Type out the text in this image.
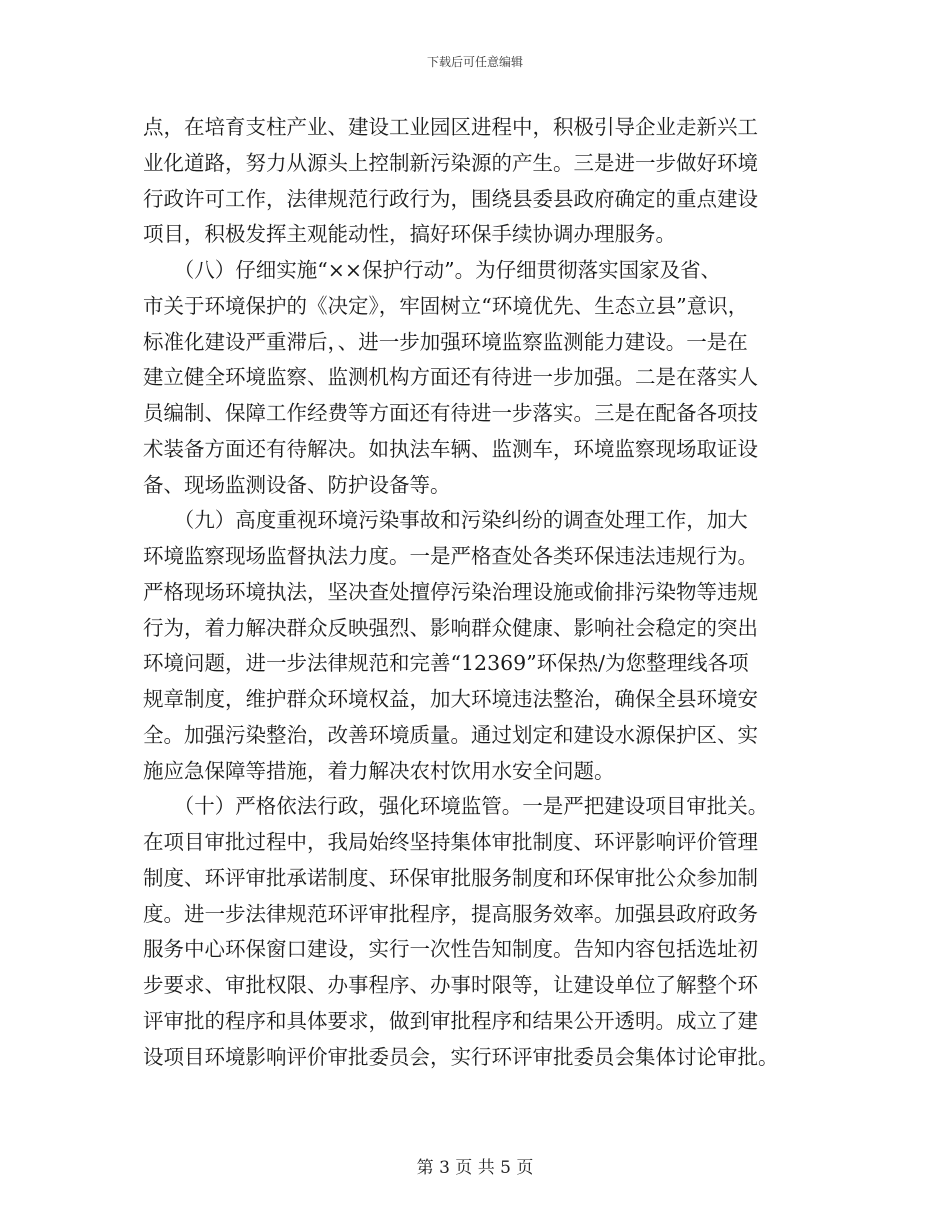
下载后可任意编辑
点，在培育支柱产业、建设工业园区进程中，积极引导企业走新兴工
业化道路，努力从源头上控制新污染源的产生。三是进一步做好环境
行政许可工作，法律规范行政行为，围绕县委县政府确定的重点建设
项目，积极发挥主观能动性，搞好环保手续协调办理服务。
　　（八）仔细实施“××保护行动”。为仔细贯彻落实国家及省、
市关于环境保护的《决定》，牢固树立“环境优先、生态立县”意识，
标准化建设严重滞后，、进一步加强环境监察监测能力建设。一是在
建立健全环境监察、监测机构方面还有待进一步加强。二是在落实人
员编制、保障工作经费等方面还有待进一步落实。三是在配备各项技
术装备方面还有待解决。如执法车辆、监测车，环境监察现场取证设
备、现场监测设备、防护设备等。
　　（九）高度重视环境污染事故和污染纠纷的调查处理工作，加大
环境监察现场监督执法力度。一是严格查处各类环保违法违规行为。
严格现场环境执法，坚决查处擅停污染治理设施或偷排污染物等违规
行为，着力解决群众反映强烈、影响群众健康、影响社会稳定的突出
环境问题，进一步法律规范和完善“12369”环保热/为您整理线各项
规章制度，维护群众环境权益，加大环境违法整治，确保全县环境安
全。加强污染整治，改善环境质量。通过划定和建设水源保护区、实
施应急保障等措施，着力解决农村饮用水安全问题。
　　（十）严格依法行政，强化环境监管。一是严把建设项目审批关。
在项目审批过程中，我局始终坚持集体审批制度、环评影响评价管理
制度、环评审批承诺制度、环保审批服务制度和环保审批公众参加制
度。进一步法律规范环评审批程序，提高服务效率。加强县政府政务
服务中心环保窗口建设，实行一次性告知制度。告知内容包括选址初
步要求、审批权限、办事程序、办事时限等，让建设单位了解整个环
评审批的程序和具体要求，做到审批程序和结果公开透明。成立了建
设项目环境影响评价审批委员会，实行环评审批委员会集体讨论审批。
第 3 页 共 5 页
